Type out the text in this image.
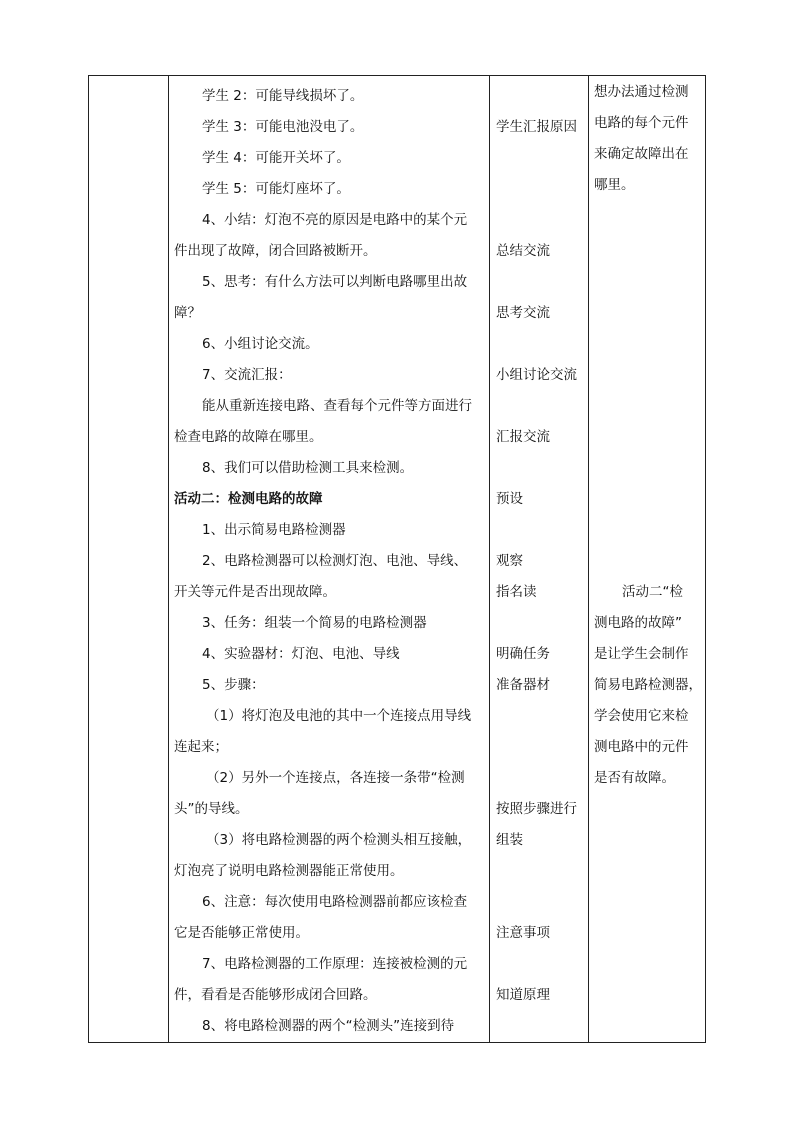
学生 2：可能导线损坏了。
学生 3：可能电池没电了。
学生 4：可能开关坏了。
学生 5：可能灯座坏了。
4、小结：灯泡不亮的原因是电路中的某个元
件出现了故障，闭合回路被断开。
5、思考：有什么方法可以判断电路哪里出故
障？
6、小组讨论交流。
7、交流汇报：
能从重新连接电路、查看每个元件等方面进行
检查电路的故障在哪里。
8、我们可以借助检测工具来检测。
活动二：检测电路的故障
1、出示简易电路检测器
2、电路检测器可以检测灯泡、电池、导线、
开关等元件是否出现故障。
3、任务：组装一个简易的电路检测器
4、实验器材：灯泡、电池、导线
5、步骤：
（1）将灯泡及电池的其中一个连接点用导线
连起来；
（2）另外一个连接点，各连接一条带“检测
头”的导线。
（3）将电路检测器的两个检测头相互接触，
灯泡亮了说明电路检测器能正常使用。
6、注意：每次使用电路检测器前都应该检查
它是否能够正常使用。
7、电路检测器的工作原理：连接被检测的元
件，看看是否能够形成闭合回路。
8、将电路检测器的两个“检测头”连接到待
学生汇报原因
总结交流
思考交流
小组讨论交流
汇报交流
预设
观察
指名读
明确任务
准备器材
按照步骤进行
组装
注意事项
知道原理
想办法通过检测
电路的每个元件
来确定故障出在
哪里。
活动二“检
测电路的故障”
是让学生会制作
简易电路检测器，
学会使用它来检
测电路中的元件
是否有故障。
